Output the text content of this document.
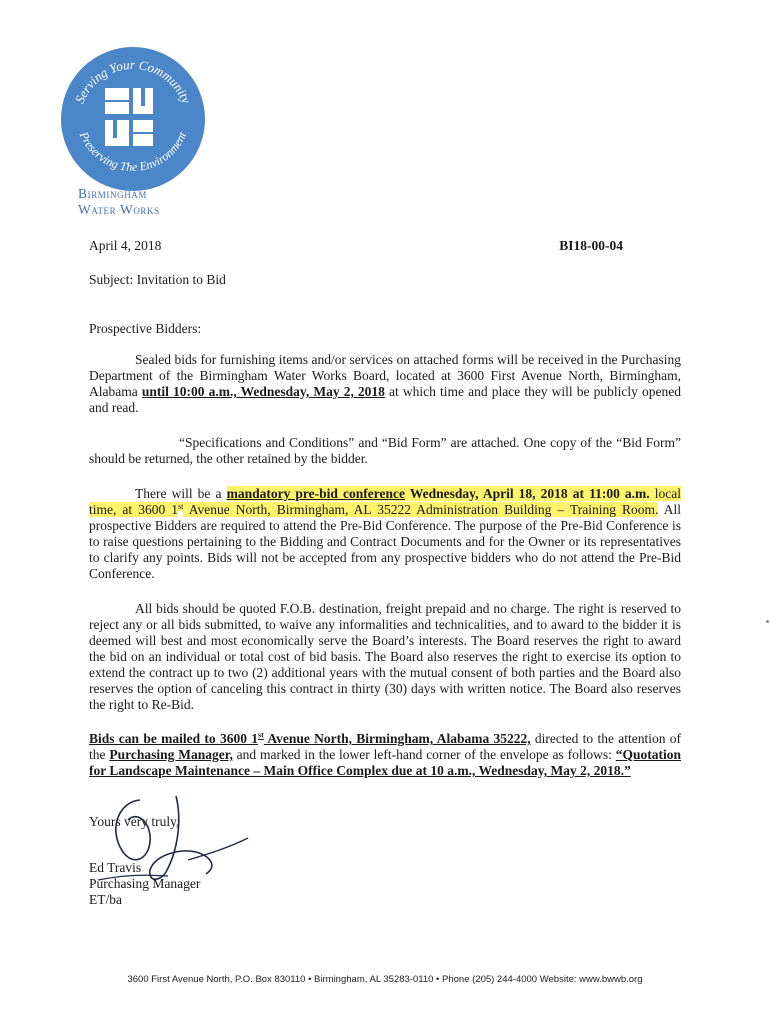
Serving Your Community
Preserving The Environment
Birmingham
Water Works
April 4, 2018	BI18-00-04
Subject: Invitation to Bid
Prospective Bidders:
Sealed bids for furnishing items and/or services on attached forms will be received in the Purchasing Department of the Birmingham Water Works Board, located at 3600 First Avenue North, Birmingham, Alabama until 10:00 a.m., Wednesday, May 2, 2018 at which time and place they will be publicly opened and read.
“Specifications and Conditions” and “Bid Form” are attached. One copy of the “Bid Form” should be returned, the other retained by the bidder.
There will be a mandatory pre-bid conference Wednesday, April 18, 2018 at 11:00 a.m. local time, at 3600 1st Avenue North, Birmingham, AL 35222 Administration Building – Training Room. All prospective Bidders are required to attend the Pre-Bid Conference. The purpose of the Pre-Bid Conference is to raise questions pertaining to the Bidding and Contract Documents and for the Owner or its representatives to clarify any points. Bids will not be accepted from any prospective bidders who do not attend the Pre-Bid Conference.
All bids should be quoted F.O.B. destination, freight prepaid and no charge. The right is reserved to reject any or all bids submitted, to waive any informalities and technicalities, and to award to the bidder it is deemed will best and most economically serve the Board’s interests. The Board reserves the right to award the bid on an individual or total cost of bid basis. The Board also reserves the right to exercise its option to extend the contract up to two (2) additional years with the mutual consent of both parties and the Board also reserves the option of canceling this contract in thirty (30) days with written notice. The Board also reserves the right to Re-Bid.
Bids can be mailed to 3600 1st Avenue North, Birmingham, Alabama 35222, directed to the attention of the Purchasing Manager, and marked in the lower left-hand corner of the envelope as follows: “Quotation for Landscape Maintenance – Main Office Complex due at 10 a.m., Wednesday, May 2, 2018.”
Yours very truly,
Ed Travis
Purchasing Manager
ET/ba
3600 First Avenue North, P.O. Box 830110 • Birmingham, AL 35283-0110 • Phone (205) 244-4000 Website: www.bwwb.org
